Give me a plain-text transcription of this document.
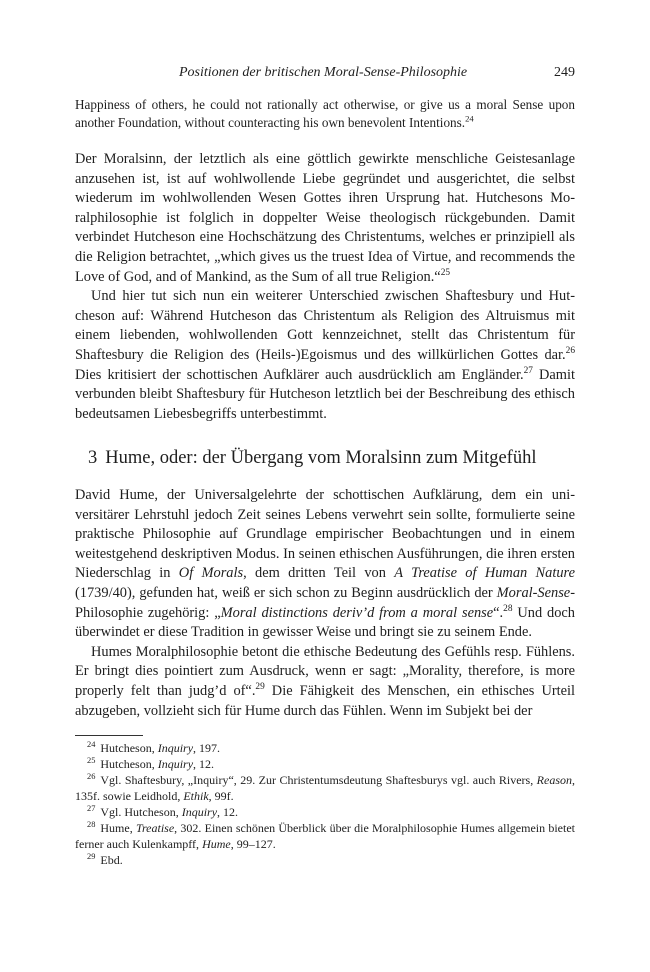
Positionen der britischen Moral-Sense-Philosophie	249

Happiness of others, he could not rationally act otherwise, or give us a moral Sense upon another Foundation, without counteracting his own benevolent Intentions.$^{24}$

Der Moralsinn, der letztlich als eine göttlich gewirkte menschliche Geistesanlage anzusehen ist, ist auf wohlwollende Liebe gegründet und ausgerichtet, die selbst wiederum im wohlwollenden Wesen Gottes ihren Ursprung hat. Hutchesons Moralphilosophie ist folglich in doppelter Weise theologisch rückgebunden. Damit verbindet Hutcheson eine Hochschätzung des Christentums, welches er prinzipiell als die Religion betrachtet, „which gives us the truest Idea of Virtue, and recommends the Love of God, and of Mankind, as the Sum of all true Religion.“$^{25}$

Und hier tut sich nun ein weiterer Unterschied zwischen Shaftesbury und Hutcheson auf: Während Hutcheson das Christentum als Religion des Altruismus mit einem liebenden, wohlwollenden Gott kennzeichnet, stellt das Christentum für Shaftesbury die Religion des (Heils-)Egoismus und des willkürlichen Gottes dar.$^{26}$ Dies kritisiert der schottischen Aufklärer auch ausdrücklich am Engländer.$^{27}$ Damit verbunden bleibt Shaftesbury für Hutcheson letztlich bei der Beschreibung des ethisch bedeutsamen Liebesbegriffs unterbestimmt.

3 Hume, oder: der Übergang vom Moralsinn zum Mitgefühl

David Hume, der Universalgelehrte der schottischen Aufklärung, dem ein universitärer Lehrstuhl jedoch Zeit seines Lebens verwehrt sein sollte, formulierte seine praktische Philosophie auf Grundlage empirischer Beobachtungen und in einem weitestgehend deskriptiven Modus. In seinen ethischen Ausführungen, die ihren ersten Niederschlag in Of Morals, dem dritten Teil von A Treatise of Human Nature (1739/40), gefunden hat, weiß er sich schon zu Beginn ausdrücklich der Moral-Sense-Philosophie zugehörig: „Moral distinctions deriv’d from a moral sense“.$^{28}$ Und doch überwindet er diese Tradition in gewisser Weise und bringt sie zu seinem Ende.

Humes Moralphilosophie betont die ethische Bedeutung des Gefühls resp. Fühlens. Er bringt dies pointiert zum Ausdruck, wenn er sagt: „Morality, therefore, is more properly felt than judg’d of“.$^{29}$ Die Fähigkeit des Menschen, ein ethisches Urteil abzugeben, vollzieht sich für Hume durch das Fühlen. Wenn im Subjekt bei der

$^{24}$ Hutcheson, Inquiry, 197.

$^{25}$ Hutcheson, Inquiry, 12.

$^{26}$ Vgl. Shaftesbury, „Inquiry“, 29. Zur Christentumsdeutung Shaftesburys vgl. auch Rivers, Reason, 135f. sowie Leidhold, Ethik, 99f.

$^{27}$ Vgl. Hutcheson, Inquiry, 12.

$^{28}$ Hume, Treatise, 302. Einen schönen Überblick über die Moralphilosophie Humes allgemein bietet ferner auch Kulenkampff, Hume, 99–127.

$^{29}$ Ebd.
